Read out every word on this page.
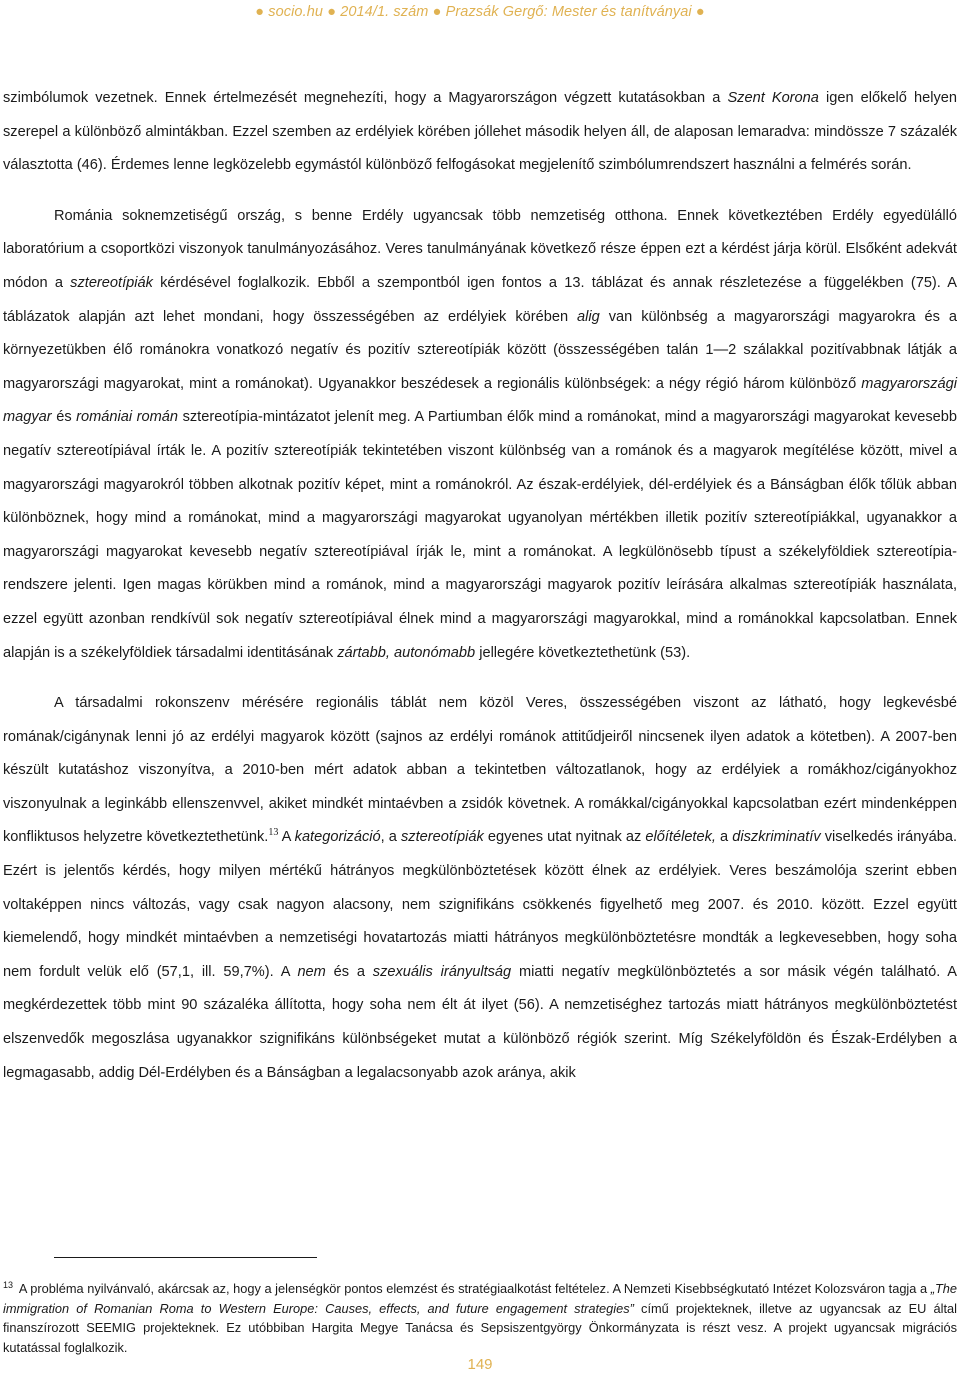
● socio.hu ● 2014/1. szám ● Prazsák Gergő: Mester és tanítványai ●

szimbólumok vezetnek. Ennek értelmezését megnehezíti, hogy a Magyarországon végzett kutatásokban a Szent Korona igen előkelő helyen szerepel a különböző almintákban. Ezzel szemben az erdélyiek körében jóllehet második helyen áll, de alaposan lemaradva: mindössze 7 százalék választotta (46). Érdemes lenne legközelebb egymástól különböző felfogásokat megjelenítő szimbólumrendszert használni a felmérés során.

Románia soknemzetiségű ország, s benne Erdély ugyancsak több nemzetiség otthona. Ennek következtében Erdély egyedülálló laboratórium a csoportközi viszonyok tanulmányozásához. Veres tanulmányának következő része éppen ezt a kérdést járja körül. Elsőként adekvát módon a sztereotípiák kérdésével foglalkozik. Ebből a szempontból igen fontos a 13. táblázat és annak részletezése a függelékben (75). A táblázatok alapján azt lehet mondani, hogy összességében az erdélyiek körében alig van különbség a magyarországi magyarokra és a környezetükben élő románokra vonatkozó negatív és pozitív sztereotípiák között (összességében talán 1―2 szálakkal pozitívabbnak látják a magyarországi magyarokat, mint a románokat). Ugyanakkor beszédesek a regionális különbségek: a négy régió három különböző magyarországi magyar és romániai román sztereotípia-mintázatot jelenít meg. A Partiumban élők mind a románokat, mind a magyarországi magyarokat kevesebb negatív sztereotípiával írták le. A pozitív sztereotípiák tekintetében viszont különbség van a románok és a magyarok megítélése között, mivel a magyarországi magyarokról többen alkotnak pozitív képet, mint a románokról. Az észak-erdélyiek, dél-erdélyiek és a Bánságban élők tőlük abban különböznek, hogy mind a románokat, mind a magyarországi magyarokat ugyanolyan mértékben illetik pozitív sztereotípiákkal, ugyanakkor a magyarországi magyarokat kevesebb negatív sztereotípiával írják le, mint a románokat. A legkülönösebb típust a székelyföldiek sztereotípia-rendszere jelenti. Igen magas körükben mind a románok, mind a magyarországi magyarok pozitív leírására alkalmas sztereotípiák használata, ezzel együtt azonban rendkívül sok negatív sztereotípiával élnek mind a magyarországi magyarokkal, mind a románokkal kapcsolatban. Ennek alapján is a székelyföldiek társadalmi identitásának zártabb, autonómabb jellegére következtethetünk (53).

A társadalmi rokonszenv mérésére regionális táblát nem közöl Veres, összességében viszont az látható, hogy legkevésbé romának/cigánynak lenni jó az erdélyi magyarok között (sajnos az erdélyi románok attitűdjeiről nincsenek ilyen adatok a kötetben). A 2007-ben készült kutatáshoz viszonyítva, a 2010-ben mért adatok abban a tekintetben változatlanok, hogy az erdélyiek a romákhoz/cigányokhoz viszonyulnak a leginkább ellenszenvvel, akiket mindkét mintaévben a zsidók követnek. A romákkal/cigányokkal kapcsolatban ezért mindenképpen konfliktusos helyzetre következtethetünk.$^{13}$ A kategorizáció, a sztereotípiák egyenes utat nyitnak az előítéletek, a diszkriminatív viselkedés irányába. Ezért is jelentős kérdés, hogy milyen mértékű hátrányos megkülönböztetések között élnek az erdélyiek. Veres beszámolója szerint ebben voltaképpen nincs változás, vagy csak nagyon alacsony, nem szignifikáns csökkenés figyelhető meg 2007. és 2010. között. Ezzel együtt kiemelendő, hogy mindkét mintaévben a nemzetiségi hovatartozás miatti hátrányos megkülönböztetésre mondták a legkevesebben, hogy soha nem fordult velük elő (57,1, ill. 59,7%). A nem és a szexuális irányultság miatti negatív megkülönböztetés a sor másik végén található. A megkérdezettek több mint 90 százaléka állította, hogy soha nem élt át ilyet (56). A nemzetiséghez tartozás miatt hátrányos megkülönböztetést elszenvedők megoszlása ugyanakkor szignifikáns különbségeket mutat a különböző régiók szerint. Míg Székelyföldön és Észak-Erdélyben a legmagasabb, addig Dél-Erdélyben és a Bánságban a legalacsonyabb azok aránya, akik

$^{13}$ A probléma nyilvánvaló, akárcsak az, hogy a jelenségkör pontos elemzést és stratégiaalkotást feltételez. A Nemzeti Kisebbségkutató Intézet Kolozsváron tagja a „The immigration of Romanian Roma to Western Europe: Causes, effects, and future engagement strategies” című projekteknek, illetve az ugyancsak az EU által finanszírozott SEEMIG projekteknek. Ez utóbbiban Hargita Megye Tanácsa és Sepsiszentgyörgy Önkormányzata is részt vesz. A projekt ugyancsak migrációs kutatással foglalkozik.
149
